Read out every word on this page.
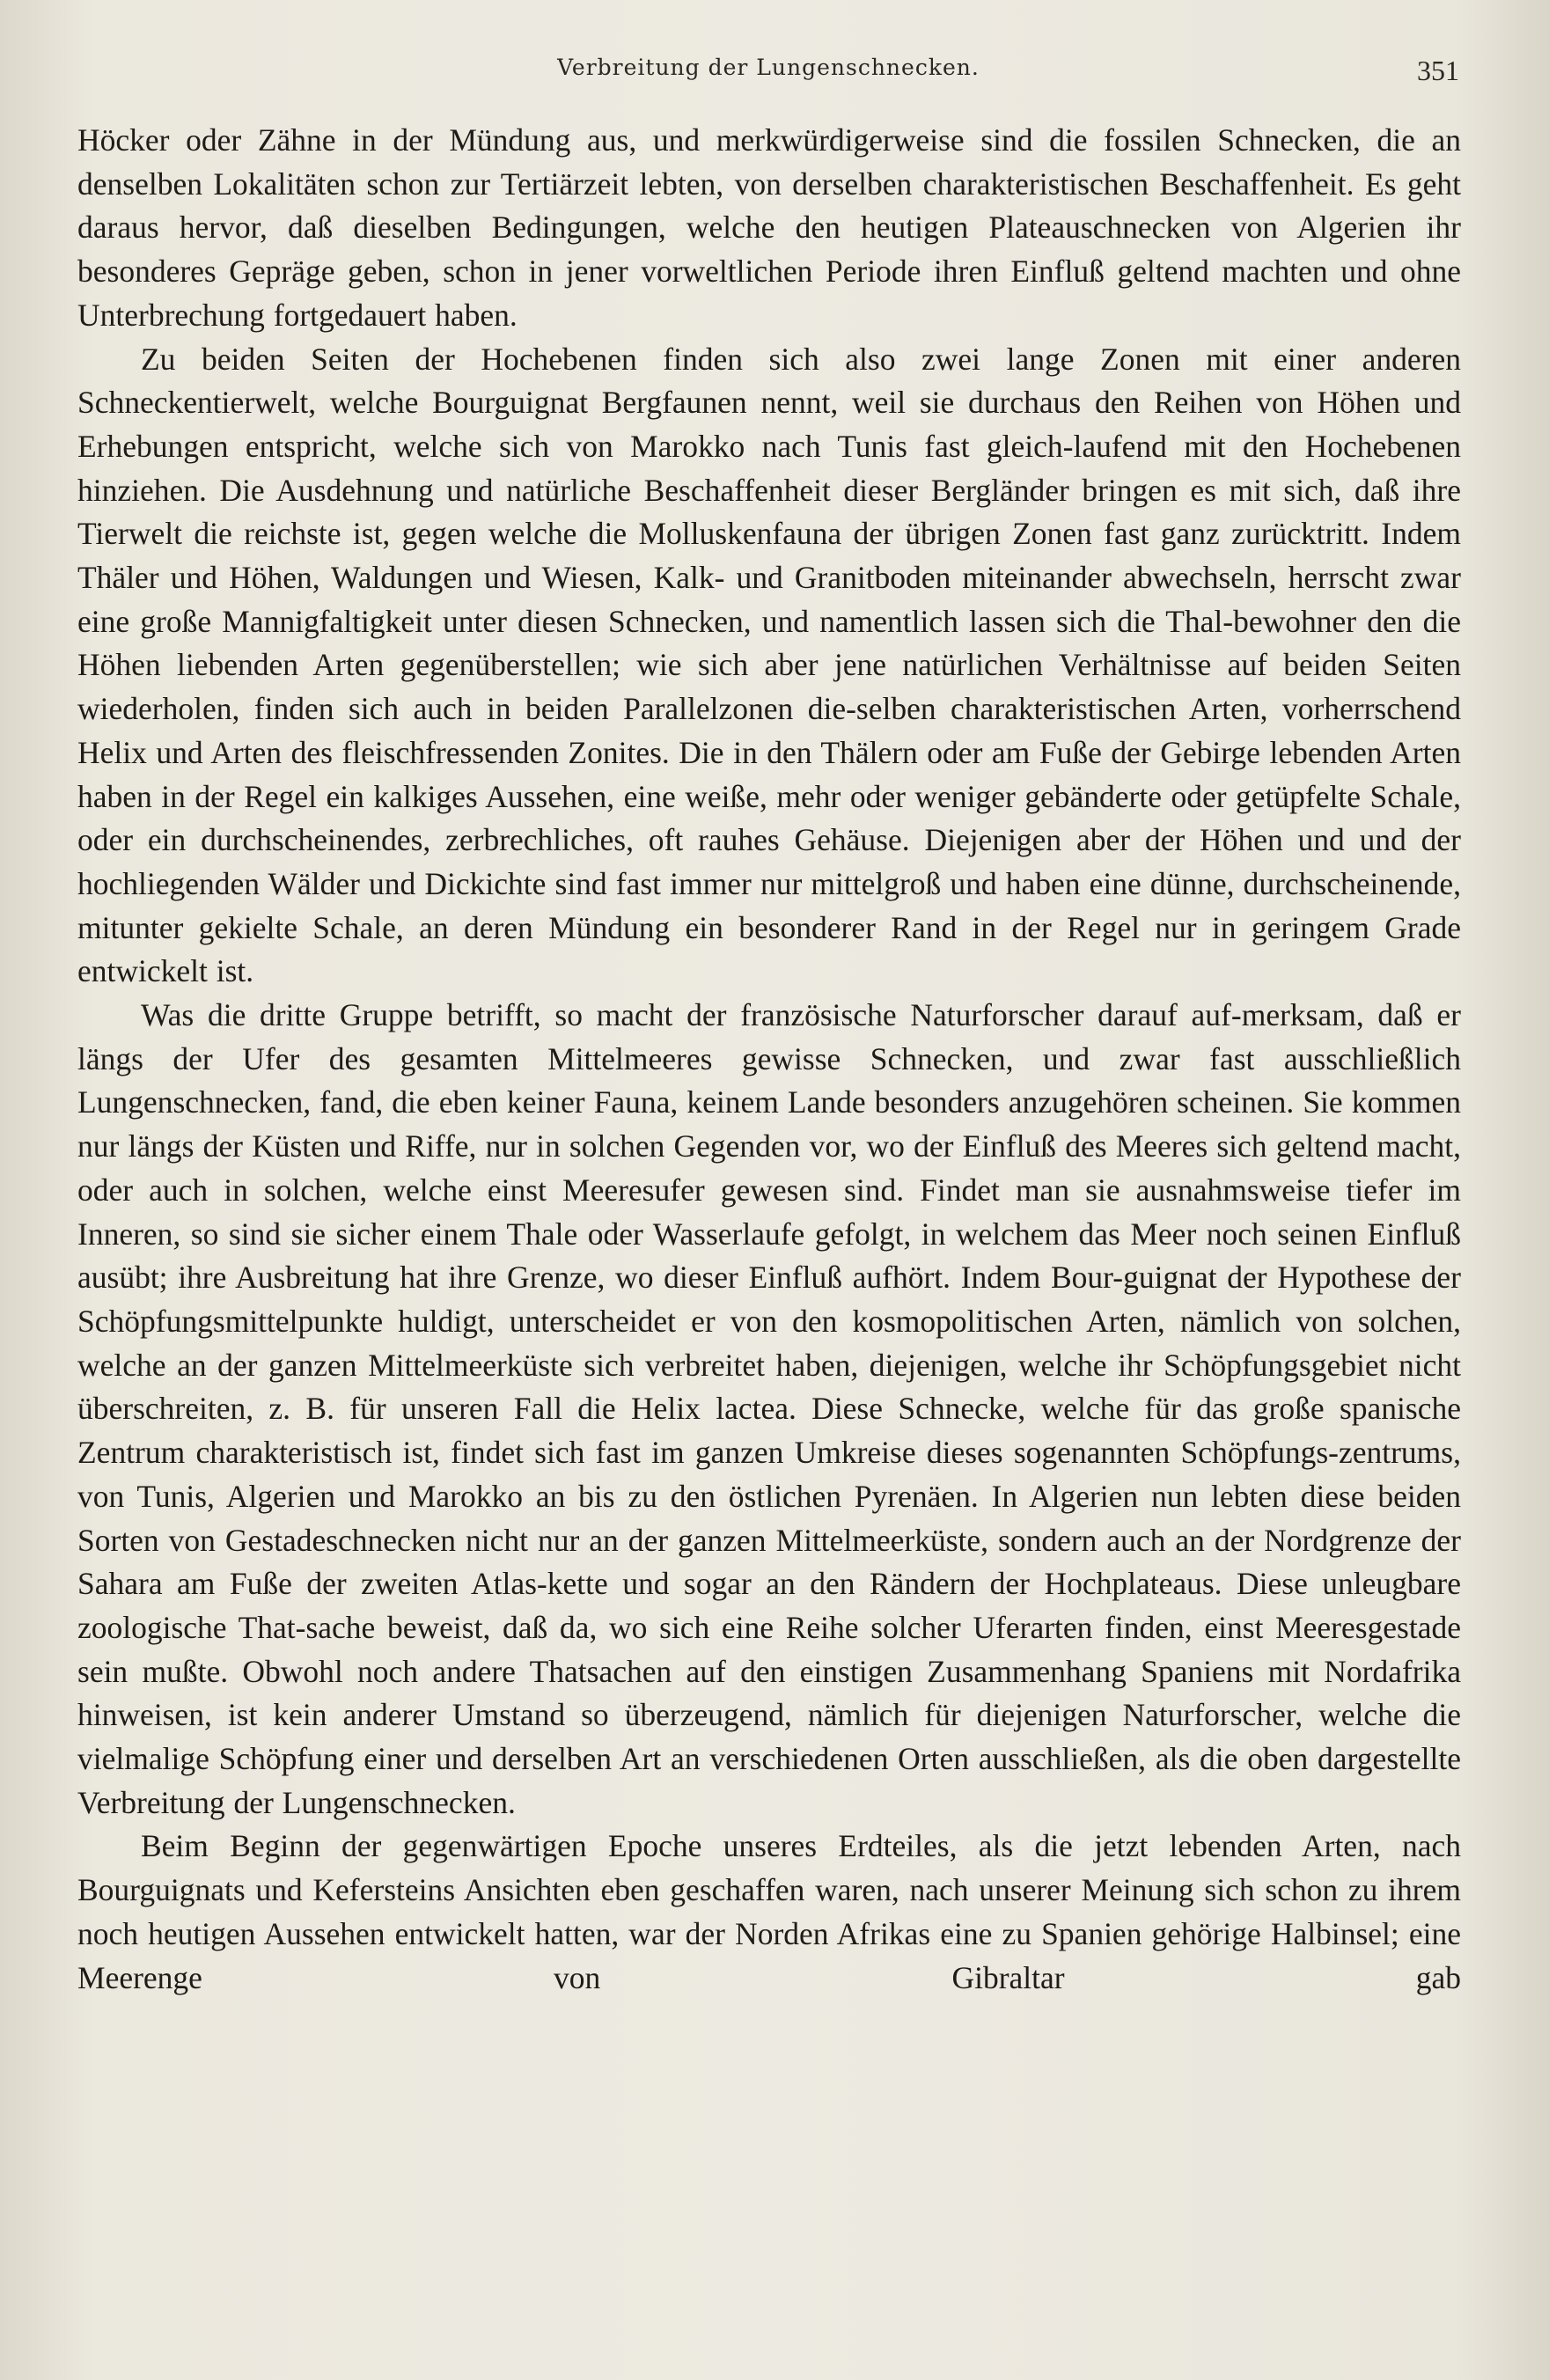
Verbreitung der Lungenschnecken.	351

Höcker oder Zähne in der Mündung aus, und merkwürdigerweise sind die fossilen Schnecken, die an denselben Lokalitäten schon zur Tertiärzeit lebten, von derselben charakteristischen Beschaffenheit. Es geht daraus hervor, daß dieselben Bedingungen, welche den heutigen Plateauschnecken von Algerien ihr besonderes Gepräge geben, schon in jener vorweltlichen Periode ihren Einfluß geltend machten und ohne Unterbrechung fortgedauert haben.

Zu beiden Seiten der Hochebenen finden sich also zwei lange Zonen mit einer anderen Schneckentierwelt, welche Bourguignat Bergfaunen nennt, weil sie durchaus den Reihen von Höhen und Erhebungen entspricht, welche sich von Marokko nach Tunis fast gleich-laufend mit den Hochebenen hinziehen. Die Ausdehnung und natürliche Beschaffenheit dieser Bergländer bringen es mit sich, daß ihre Tierwelt die reichste ist, gegen welche die Molluskenfauna der übrigen Zonen fast ganz zurücktritt. Indem Thäler und Höhen, Waldungen und Wiesen, Kalk- und Granitboden miteinander abwechseln, herrscht zwar eine große Mannigfaltigkeit unter diesen Schnecken, und namentlich lassen sich die Thal-bewohner den die Höhen liebenden Arten gegenüberstellen; wie sich aber jene natürlichen Verhältnisse auf beiden Seiten wiederholen, finden sich auch in beiden Parallelzonen die-selben charakteristischen Arten, vorherrschend Helix und Arten des fleischfressenden Zonites. Die in den Thälern oder am Fuße der Gebirge lebenden Arten haben in der Regel ein kalkiges Aussehen, eine weiße, mehr oder weniger gebänderte oder getüpfelte Schale, oder ein durchscheinendes, zerbrechliches, oft rauhes Gehäuse. Diejenigen aber der Höhen und und der hochliegenden Wälder und Dickichte sind fast immer nur mittelgroß und haben eine dünne, durchscheinende, mitunter gekielte Schale, an deren Mündung ein besonderer Rand in der Regel nur in geringem Grade entwickelt ist.

Was die dritte Gruppe betrifft, so macht der französische Naturforscher darauf auf-merksam, daß er längs der Ufer des gesamten Mittelmeeres gewisse Schnecken, und zwar fast ausschließlich Lungenschnecken, fand, die eben keiner Fauna, keinem Lande besonders anzugehören scheinen. Sie kommen nur längs der Küsten und Riffe, nur in solchen Gegenden vor, wo der Einfluß des Meeres sich geltend macht, oder auch in solchen, welche einst Meeresufer gewesen sind. Findet man sie ausnahmsweise tiefer im Inneren, so sind sie sicher einem Thale oder Wasserlaufe gefolgt, in welchem das Meer noch seinen Einfluß ausübt; ihre Ausbreitung hat ihre Grenze, wo dieser Einfluß aufhört. Indem Bour-guignat der Hypothese der Schöpfungsmittelpunkte huldigt, unterscheidet er von den kosmopolitischen Arten, nämlich von solchen, welche an der ganzen Mittelmeerküste sich verbreitet haben, diejenigen, welche ihr Schöpfungsgebiet nicht überschreiten, z. B. für unseren Fall die Helix lactea. Diese Schnecke, welche für das große spanische Zentrum charakteristisch ist, findet sich fast im ganzen Umkreise dieses sogenannten Schöpfungs-zentrums, von Tunis, Algerien und Marokko an bis zu den östlichen Pyrenäen. In Algerien nun lebten diese beiden Sorten von Gestadeschnecken nicht nur an der ganzen Mittelmeerküste, sondern auch an der Nordgrenze der Sahara am Fuße der zweiten Atlas-kette und sogar an den Rändern der Hochplateaus. Diese unleugbare zoologische That-sache beweist, daß da, wo sich eine Reihe solcher Uferarten finden, einst Meeresgestade sein mußte. Obwohl noch andere Thatsachen auf den einstigen Zusammenhang Spaniens mit Nordafrika hinweisen, ist kein anderer Umstand so überzeugend, nämlich für diejenigen Naturforscher, welche die vielmalige Schöpfung einer und derselben Art an verschiedenen Orten ausschließen, als die oben dargestellte Verbreitung der Lungenschnecken.

Beim Beginn der gegenwärtigen Epoche unseres Erdteiles, als die jetzt lebenden Arten, nach Bourguignats und Kefersteins Ansichten eben geschaffen waren, nach unserer Meinung sich schon zu ihrem noch heutigen Aussehen entwickelt hatten, war der Norden Afrikas eine zu Spanien gehörige Halbinsel; eine Meerenge von Gibraltar gab
